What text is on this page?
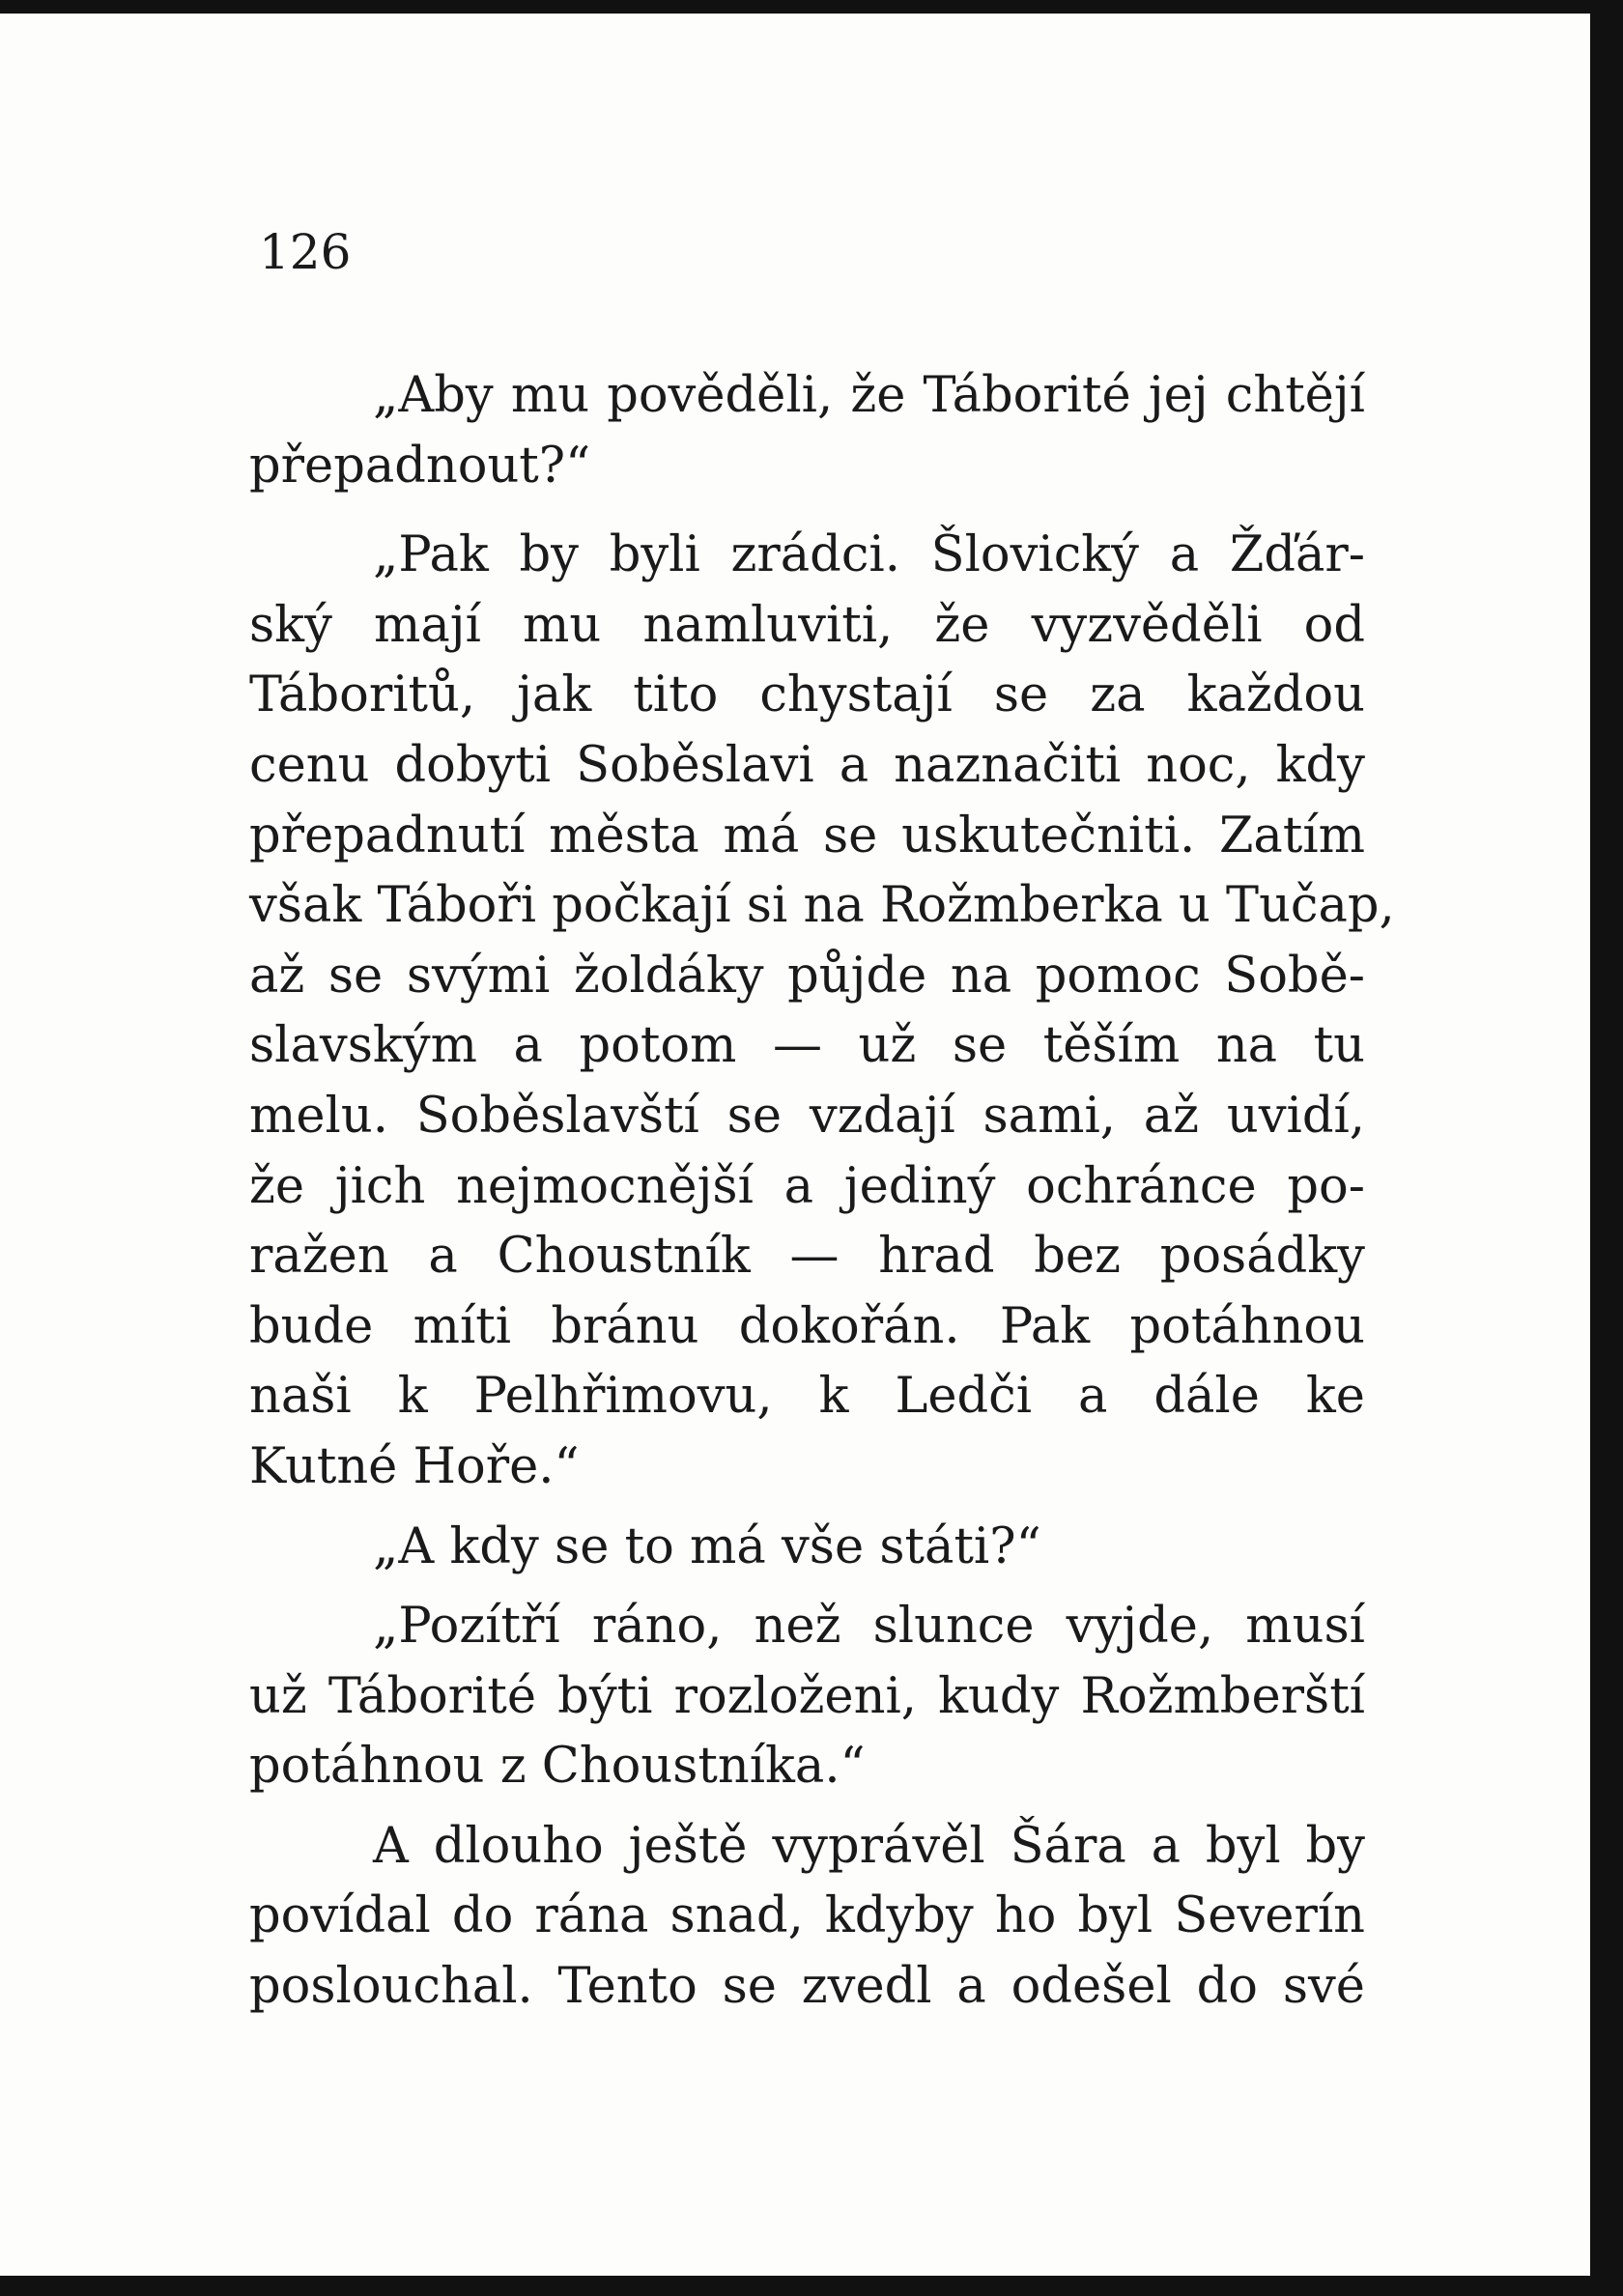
126
„Aby mu pověděli, že Táborité jej chtějí
přepadnout?“
„Pak by byli zrádci. Šlovický a Žďár-
ský mají mu namluviti, že vyzvěděli od
Táboritů, jak tito chystají se za každou
cenu dobyti Soběslavi a naznačiti noc, kdy
přepadnutí města má se uskutečniti. Zatím
však Táboři počkají si na Rožmberka u Tučap,
až se svými žoldáky půjde na pomoc Sobě-
slavským a potom — už se těším na tu
melu. Soběslavští se vzdají sami, až uvidí,
že jich nejmocnější a jediný ochránce po-
ražen a Choustník — hrad bez posádky
bude míti bránu dokořán. Pak potáhnou
naši k Pelhřimovu, k Ledči a dále ke
Kutné Hoře.“
„A kdy se to má vše státi?“
„Pozítří ráno, než slunce vyjde, musí
už Táborité býti rozloženi, kudy Rožmberští
potáhnou z Choustníka.“
A dlouho ještě vyprávěl Šára a byl by
povídal do rána snad, kdyby ho byl Severín
poslouchal. Tento se zvedl a odešel do své
